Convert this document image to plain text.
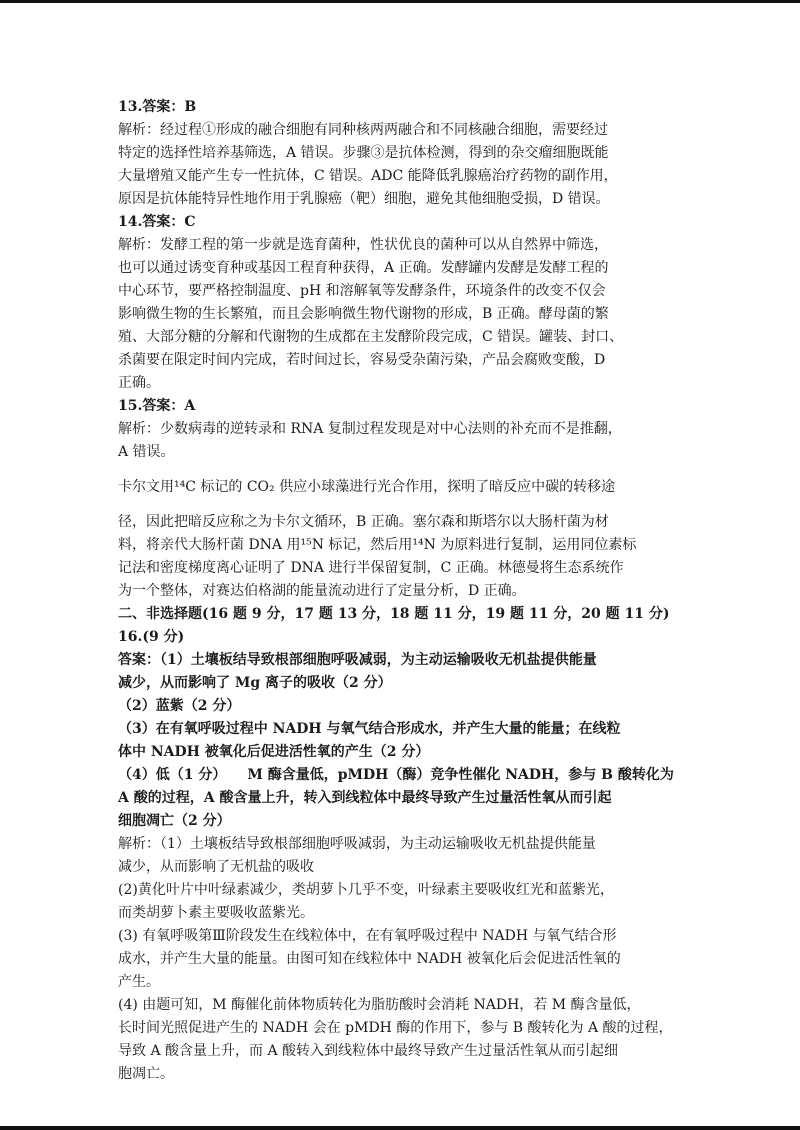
13.答案：B
解析：经过程①形成的融合细胞有同种核两两融合和不同核融合细胞，需要经过
特定的选择性培养基筛选，A 错误。步骤③是抗体检测，得到的杂交瘤细胞既能
大量增殖又能产生专一性抗体，C 错误。ADC 能降低乳腺癌治疗药物的副作用，
原因是抗体能特异性地作用于乳腺癌（靶）细胞，避免其他细胞受损，D 错误。
14.答案：C
解析：发酵工程的第一步就是选育菌种，性状优良的菌种可以从自然界中筛选，
也可以通过诱变育种或基因工程育种获得，A 正确。发酵罐内发酵是发酵工程的
中心环节，要严格控制温度、pH 和溶解氧等发酵条件，环境条件的改变不仅会
影响微生物的生长繁殖，而且会影响微生物代谢物的形成，B 正确。酵母菌的繁
殖、大部分糖的分解和代谢物的生成都在主发酵阶段完成，C 错误。罐装、封口、
杀菌要在限定时间内完成，若时间过长，容易受杂菌污染，产品会腐败变酸，D
正确。
15.答案：A
解析：少数病毒的逆转录和 RNA 复制过程发现是对中心法则的补充而不是推翻，
A 错误。
卡尔文用¹⁴C 标记的 CO₂ 供应小球藻进行光合作用，探明了暗反应中碳的转移途
径，因此把暗反应称之为卡尔文循环，B 正确。塞尔森和斯塔尔以大肠杆菌为材
料，将亲代大肠杆菌 DNA 用¹⁵N 标记，然后用¹⁴N 为原料进行复制，运用同位素标
记法和密度梯度离心证明了 DNA 进行半保留复制，C 正确。林德曼将生态系统作
为一个整体，对赛达伯格湖的能量流动进行了定量分析，D 正确。
二、非选择题(16 题 9 分，17 题 13 分，18 题 11 分，19 题 11 分，20 题 11 分)
16.(9 分)
答案：（1）土壤板结导致根部细胞呼吸减弱，为主动运输吸收无机盐提供能量
减少，从而影响了 Mg 离子的吸收（2 分）
（2）蓝紫（2 分）
（3）在有氧呼吸过程中 NADH 与氧气结合形成水，并产生大量的能量；在线粒
体中 NADH 被氧化后促进活性氧的产生（2 分）
（4）低（1 分）　　M 酶含量低，pMDH（酶）竞争性催化 NADH，参与 B 酸转化为
A 酸的过程，A 酸含量上升，转入到线粒体中最终导致产生过量活性氧从而引起
细胞凋亡（2 分）
解析：（1）土壤板结导致根部细胞呼吸减弱，为主动运输吸收无机盐提供能量
减少，从而影响了无机盐的吸收
(2)黄化叶片中叶绿素减少，类胡萝卜几乎不变，叶绿素主要吸收红光和蓝紫光，
而类胡萝卜素主要吸收蓝紫光。
(3) 有氧呼吸第Ⅲ阶段发生在线粒体中，在有氧呼吸过程中 NADH 与氧气结合形
成水，并产生大量的能量。由图可知在线粒体中 NADH 被氧化后会促进活性氧的
产生。
(4) 由题可知，M 酶催化前体物质转化为脂肪酸时会消耗 NADH，若 M 酶含量低，
长时间光照促进产生的 NADH 会在 pMDH 酶的作用下，参与 B 酸转化为 A 酸的过程，
导致 A 酸含量上升，而 A 酸转入到线粒体中最终导致产生过量活性氧从而引起细
胞凋亡。
